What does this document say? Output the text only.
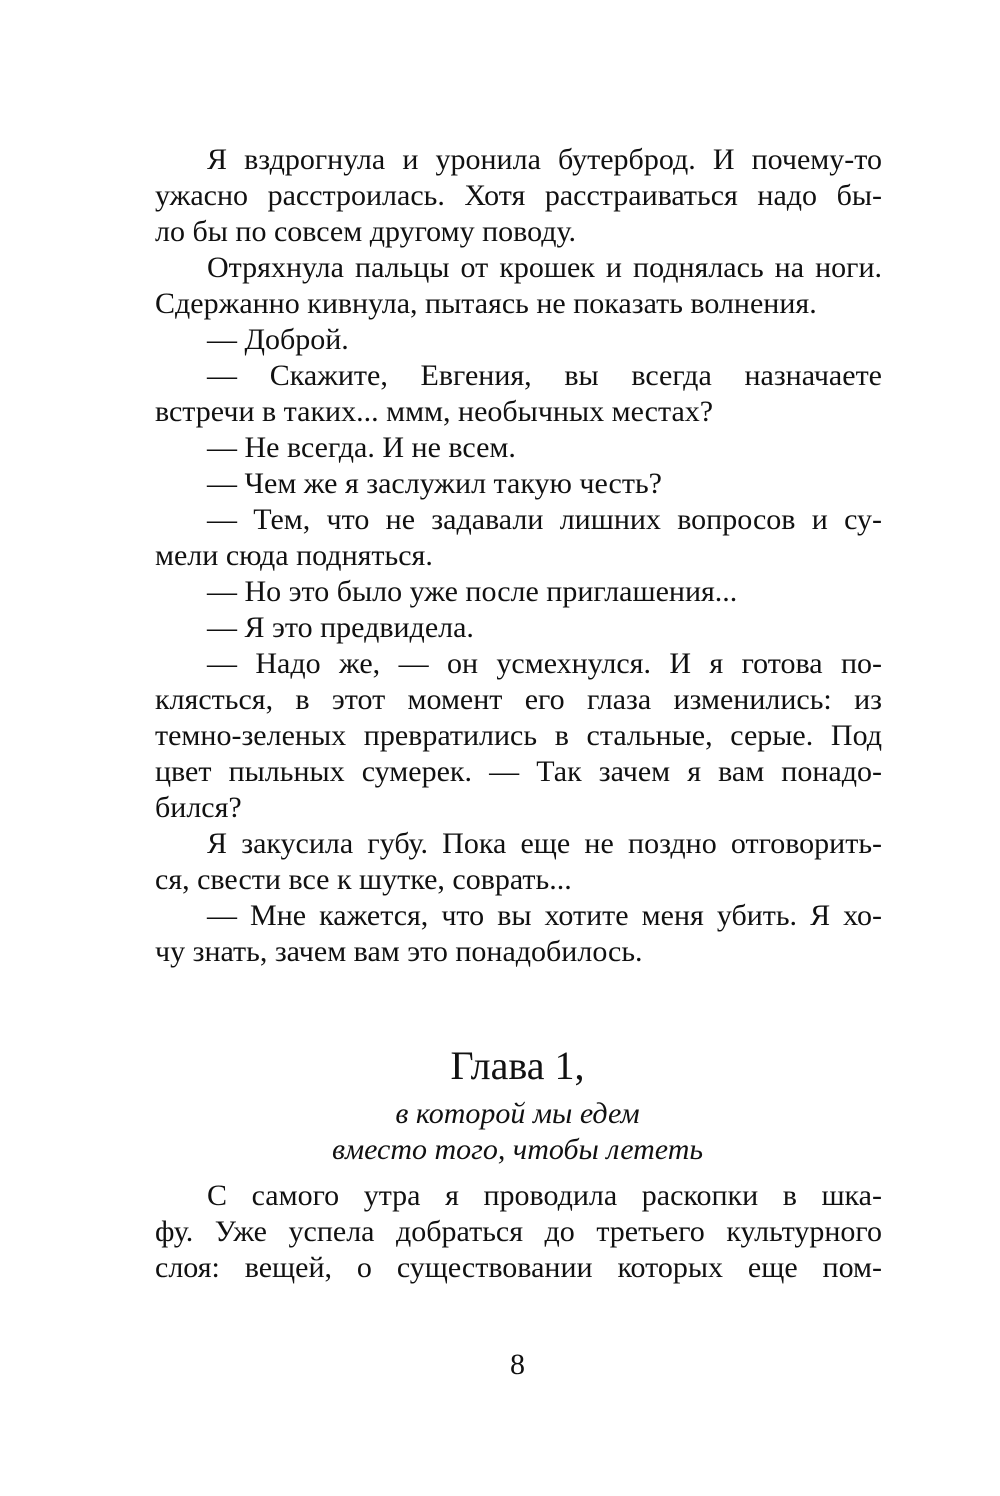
Я вздрогнула и уронила бутерброд. И почему-то
ужасно расстроилась. Хотя расстраиваться надо бы-
ло бы по совсем другому поводу.
Отряхнула пальцы от крошек и поднялась на ноги.
Сдержанно кивнула, пытаясь не показать волнения.
— Доброй.
— Скажите, Евгения, вы всегда назначаете
встречи в таких... ммм, необычных местах?
— Не всегда. И не всем.
— Чем же я заслужил такую честь?
— Тем, что не задавали лишних вопросов и су-
мели сюда подняться.
— Но это было уже после приглашения...
— Я это предвидела.
— Надо же, — он усмехнулся. И я готова по-
клясться, в этот момент его глаза изменились: из
темно-зеленых превратились в стальные, серые. Под
цвет пыльных сумерек. — Так зачем я вам понадо-
бился?
Я закусила губу. Пока еще не поздно отговорить-
ся, свести все к шутке, соврать...
— Мне кажется, что вы хотите меня убить. Я хо-
чу знать, зачем вам это понадобилось.
Глава 1,
в которой мы едем
вместо того, чтобы лететь
С самого утра я проводила раскопки в шка-
фу. Уже успела добраться до третьего культурного
слоя: вещей, о существовании которых еще пом-
8
